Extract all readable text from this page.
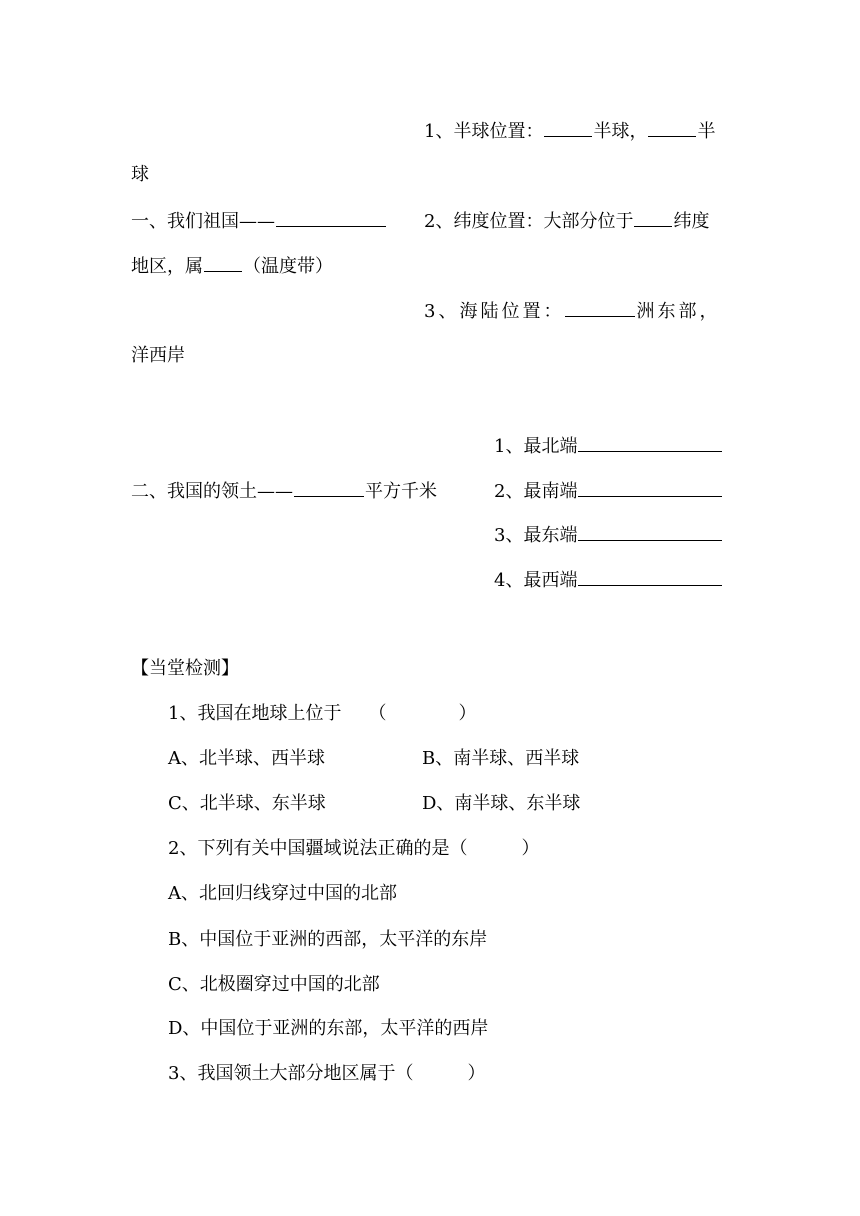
1、半球位置：	半球，	半
球
一、我们祖国——	2、纬度位置：大部分位于 纬度
地区，属 （温度带）
3、海陆位置：	洲东部，
洋西岸
二、我国的领土——	平方千米
1、最北端
2、最南端
3、最东端
4、最西端
【当堂检测】
1、我国在地球上位于　　（　　　　）
A、北半球、西半球	B、南半球、西半球
C、北半球、东半球	D、南半球、东半球
2、下列有关中国疆域说法正确的是（　　　）
A、北回归线穿过中国的北部
B、中国位于亚洲的西部，太平洋的东岸
C、北极圈穿过中国的北部
D、中国位于亚洲的东部，太平洋的西岸
3、我国领土大部分地区属于（　　　）
